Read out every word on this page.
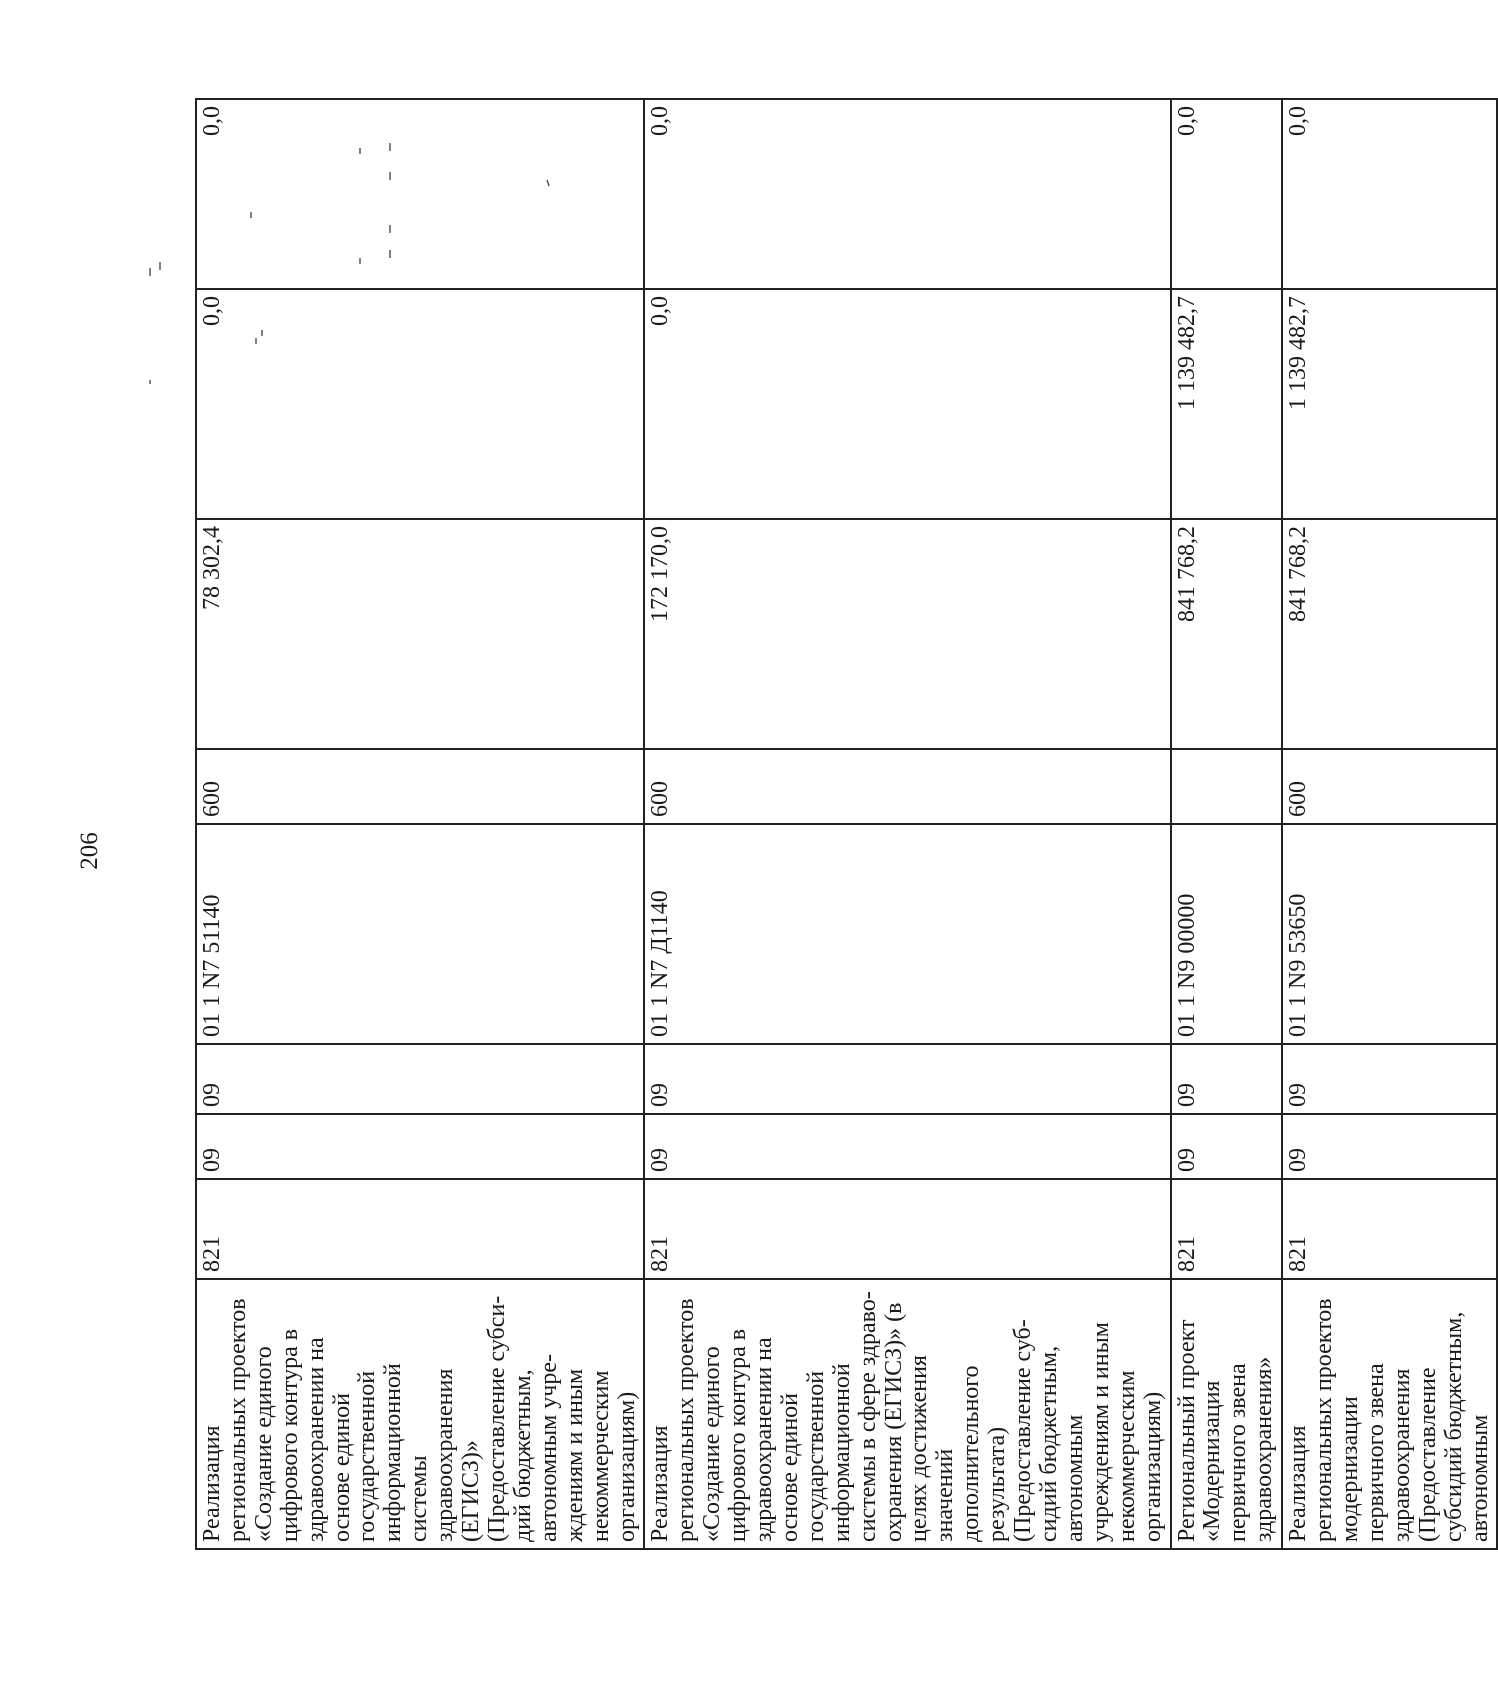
206
Реализация региональных проектов «Создание единого цифрового контура в здравоохранении на основе единой государственной информационной системы здравоохранения (ЕГИСЗ)» (Предоставление субсидий бюджетным, автономным учреждениям и иным некоммерческим организациям)	821	09	09	01 1 N7 51140	600	78 302,4	0,0	0,0
Реализация региональных проектов «Создание единого цифрового контура в здравоохранении на основе единой государственной информационной системы в сфере здравоохранения (ЕГИСЗ)» (в целях достижения значений дополнительного результата) (Предоставление субсидий бюджетным, автономным учреждениям и иным некоммерческим организациям)	821	09	09	01 1 N7 Д1140	600	172 170,0	0,0	0,0
Региональный проект «Модернизация первичного звена здравоохранения»	821	09	09	01 1 N9 00000		841 768,2	1 139 482,7	0,0
Реализация региональных проектов модернизации первичного звена здравоохранения (Предоставление субсидий бюджетным, автономным	821	09	09	01 1 N9 53650	600	841 768,2	1 139 482,7	0,0
